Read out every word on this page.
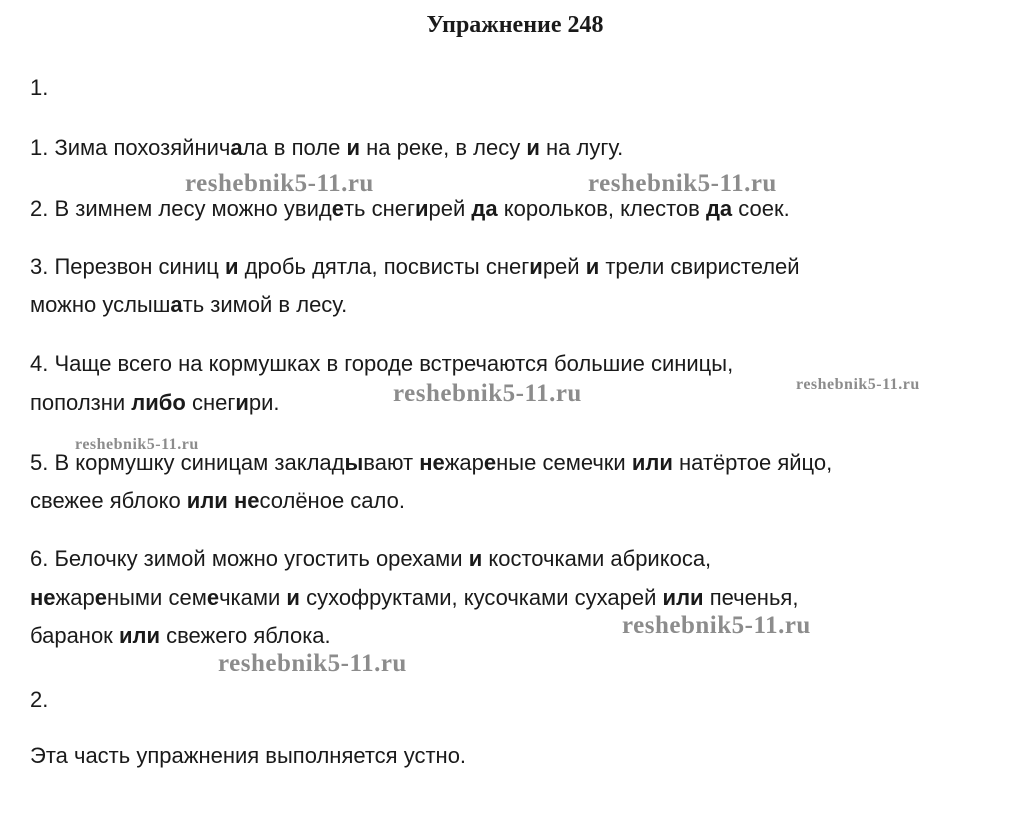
Упражнение 248
1.
1. Зима похозяйничала в поле и на реке, в лесу и на лугу.
2. В зимнем лесу можно увидеть снегирей да корольков, клестов да соек.
3. Перезвон синиц и дробь дятла, посвисты снегирей и трели свиристелей
можно услышать зимой в лесу.
4. Чаще всего на кормушках в городе встречаются большие синицы,
поползни либо снегири.
5. В кормушку синицам закладывают нежареные семечки или натёртое яйцо,
свежее яблоко или несолёное сало.
6. Белочку зимой можно угостить орехами и косточками абрикоса,
нежареными семечками и сухофруктами, кусочками сухарей или печенья,
баранок или свежего яблока.
2.
Эта часть упражнения выполняется устно.
reshebnik5-11.ru	reshebnik5-11.ru
reshebnik5-11.ru	reshebnik5-11.ru
reshebnik5-11.ru
reshebnik5-11.ru
reshebnik5-11.ru
